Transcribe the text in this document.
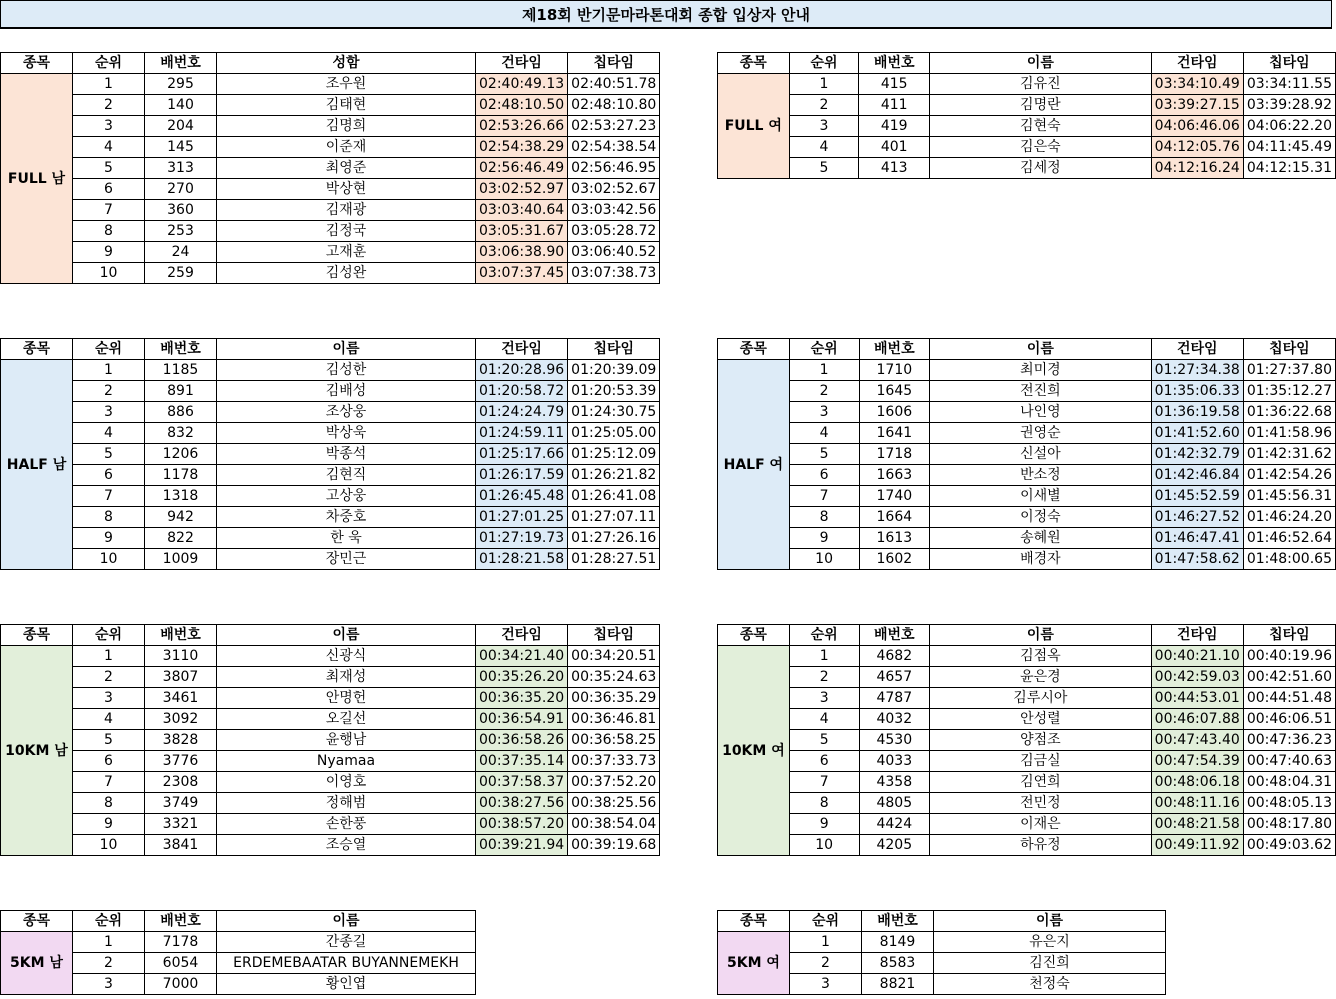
제18회 반기문마라톤대회 종합 입상자 안내
종목	순위	배번호	성함	건타임	칩타임
FULL 남	1	295	조우원	02:40:49.13	02:40:51.78
	2	140	김태현	02:48:10.50	02:48:10.80
	3	204	김명희	02:53:26.66	02:53:27.23
	4	145	이준재	02:54:38.29	02:54:38.54
	5	313	최영준	02:56:46.49	02:56:46.95
	6	270	박상현	03:02:52.97	03:02:52.67
	7	360	김재광	03:03:40.64	03:03:42.56
	8	253	김정국	03:05:31.67	03:05:28.72
	9	24	고재훈	03:06:38.90	03:06:40.52
	10	259	김성완	03:07:37.45	03:07:38.73
종목	순위	배번호	이름	건타임	칩타임
FULL 여	1	415	김유진	03:34:10.49	03:34:11.55
	2	411	김명란	03:39:27.15	03:39:28.92
	3	419	김현숙	04:06:46.06	04:06:22.20
	4	401	김은숙	04:12:05.76	04:11:45.49
	5	413	김세정	04:12:16.24	04:12:15.31
종목	순위	배번호	이름	건타임	칩타임
HALF 남	1	1185	김성한	01:20:28.96	01:20:39.09
	2	891	김배성	01:20:58.72	01:20:53.39
	3	886	조상웅	01:24:24.79	01:24:30.75
	4	832	박상욱	01:24:59.11	01:25:05.00
	5	1206	박종석	01:25:17.66	01:25:12.09
	6	1178	김현직	01:26:17.59	01:26:21.82
	7	1318	고상웅	01:26:45.48	01:26:41.08
	8	942	차중호	01:27:01.25	01:27:07.11
	9	822	한 욱	01:27:19.73	01:27:26.16
	10	1009	장민근	01:28:21.58	01:28:27.51
종목	순위	배번호	이름	건타임	칩타임
HALF 여	1	1710	최미경	01:27:34.38	01:27:37.80
	2	1645	전진희	01:35:06.33	01:35:12.27
	3	1606	나인영	01:36:19.58	01:36:22.68
	4	1641	권영순	01:41:52.60	01:41:58.96
	5	1718	신설아	01:42:32.79	01:42:31.62
	6	1663	반소정	01:42:46.84	01:42:54.26
	7	1740	이새별	01:45:52.59	01:45:56.31
	8	1664	이정숙	01:46:27.52	01:46:24.20
	9	1613	송혜원	01:46:47.41	01:46:52.64
	10	1602	배경자	01:47:58.62	01:48:00.65
종목	순위	배번호	이름	건타임	칩타임
10KM 남	1	3110	신광식	00:34:21.40	00:34:20.51
	2	3807	최재성	00:35:26.20	00:35:24.63
	3	3461	안명헌	00:36:35.20	00:36:35.29
	4	3092	오길선	00:36:54.91	00:36:46.81
	5	3828	윤행남	00:36:58.26	00:36:58.25
	6	3776	Nyamaa	00:37:35.14	00:37:33.73
	7	2308	이영호	00:37:58.37	00:37:52.20
	8	3749	정해범	00:38:27.56	00:38:25.56
	9	3321	손한풍	00:38:57.20	00:38:54.04
	10	3841	조승열	00:39:21.94	00:39:19.68
종목	순위	배번호	이름	건타임	칩타임
10KM 여	1	4682	김점옥	00:40:21.10	00:40:19.96
	2	4657	윤은경	00:42:59.03	00:42:51.60
	3	4787	김루시아	00:44:53.01	00:44:51.48
	4	4032	안성렬	00:46:07.88	00:46:06.51
	5	4530	양점조	00:47:43.40	00:47:36.23
	6	4033	김금실	00:47:54.39	00:47:40.63
	7	4358	김연희	00:48:06.18	00:48:04.31
	8	4805	전민정	00:48:11.16	00:48:05.13
	9	4424	이재은	00:48:21.58	00:48:17.80
	10	4205	하유정	00:49:11.92	00:49:03.62
종목	순위	배번호	이름
5KM 남	1	7178	간종길
	2	6054	ERDEMEBAATAR BUYANNEMEKH
	3	7000	황인엽
종목	순위	배번호	이름
5KM 여	1	8149	유은지
	2	8583	김진희
	3	8821	천정숙
